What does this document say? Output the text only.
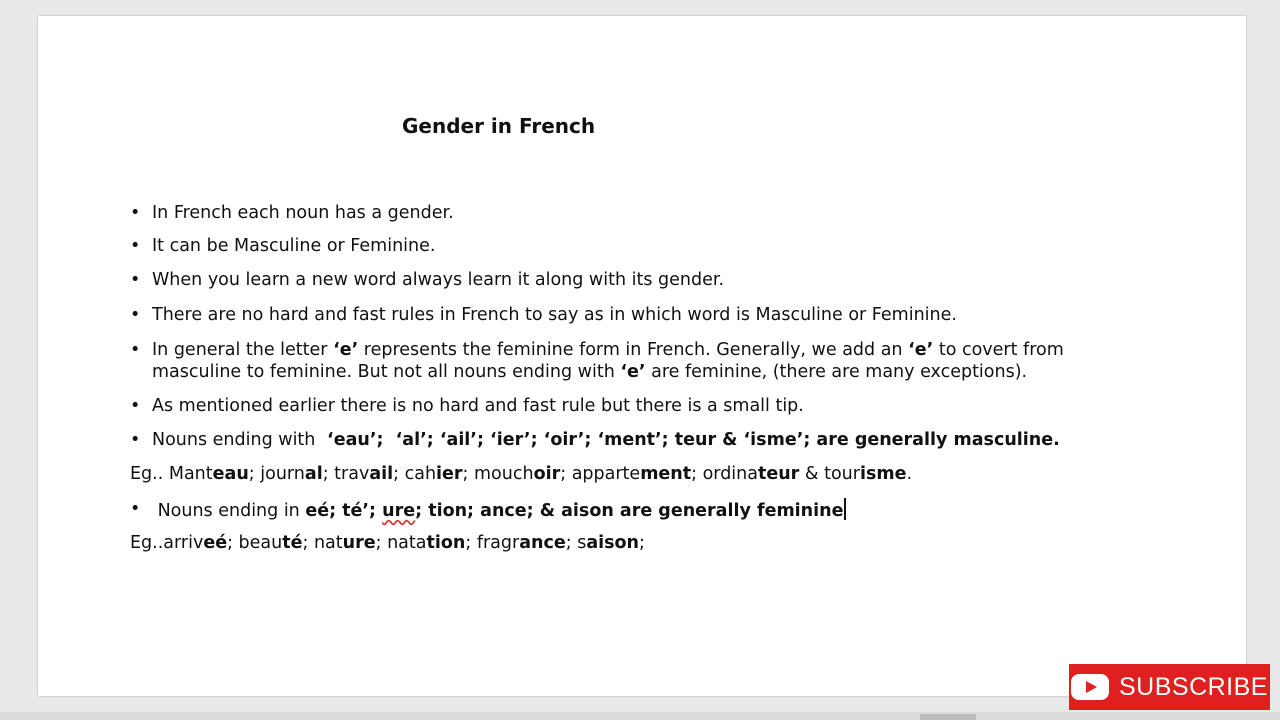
Gender in French
• In French each noun has a gender.
• It can be Masculine or Feminine.
• When you learn a new word always learn it along with its gender.
• There are no hard and fast rules in French to say as in which word is Masculine or Feminine.
• In general the letter ‘e’ represents the feminine form in French. Generally, we add an ‘e’ to covert from
masculine to feminine. But not all nouns ending with ‘e’ are feminine, (there are many exceptions).
• As mentioned earlier there is no hard and fast rule but there is a small tip.
• Nouns ending with  ‘eau’;  ‘al’; ‘ail’; ‘ier’; ‘oir’; ‘ment’; teur & ‘isme’; are generally masculine.
Eg.. Manteau; journal; travail; cahier; mouchoir; appartement; ordinateur & tourisme.
• Nouns ending in eé; té’; ure; tion; ance; & aison are generally feminine
Eg..arriveé; beauté; nature; natation; fragrance; saison;
SUBSCRIBE
